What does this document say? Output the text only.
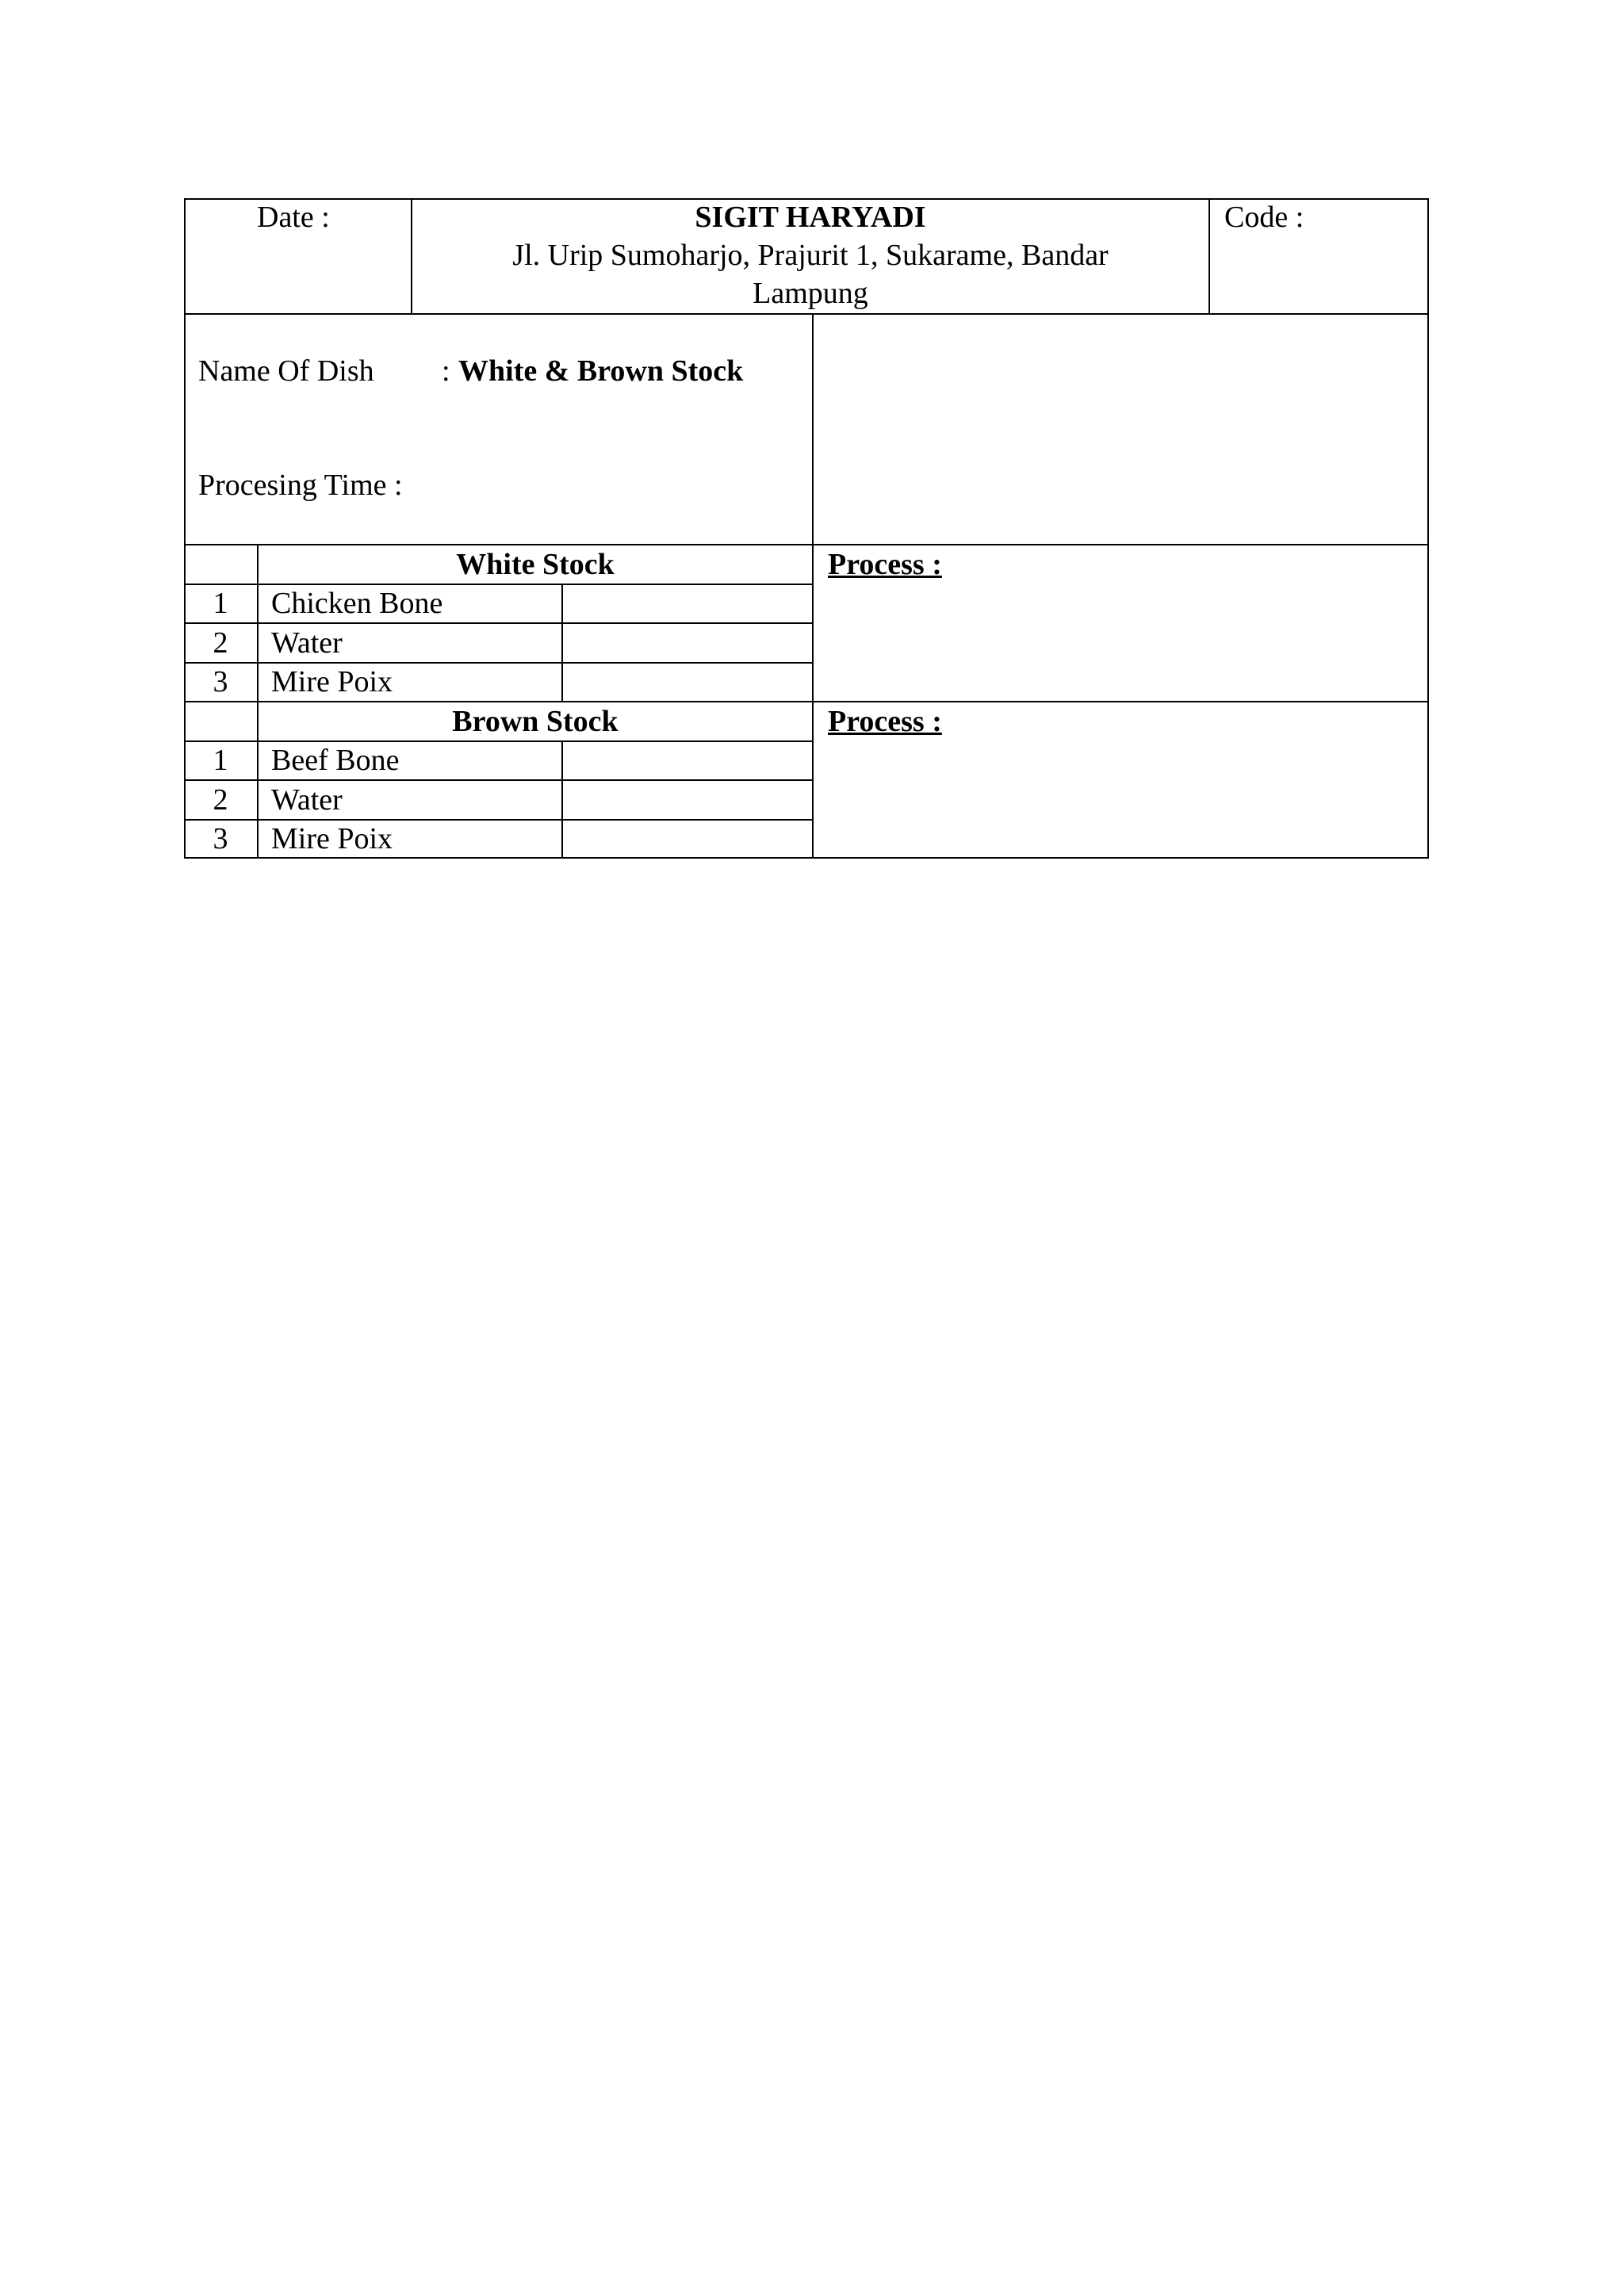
Date :	SIGIT HARYADI
Jl. Urip Sumoharjo, Prajurit 1, Sukarame, Bandar
Lampung
Code :
Name Of Dish : White & Brown Stock
Procesing Time :
White Stock	Process :
1	Chicken Bone
2	Water
3	Mire Poix
Brown Stock	Process :
1	Beef Bone
2	Water
3	Mire Poix
